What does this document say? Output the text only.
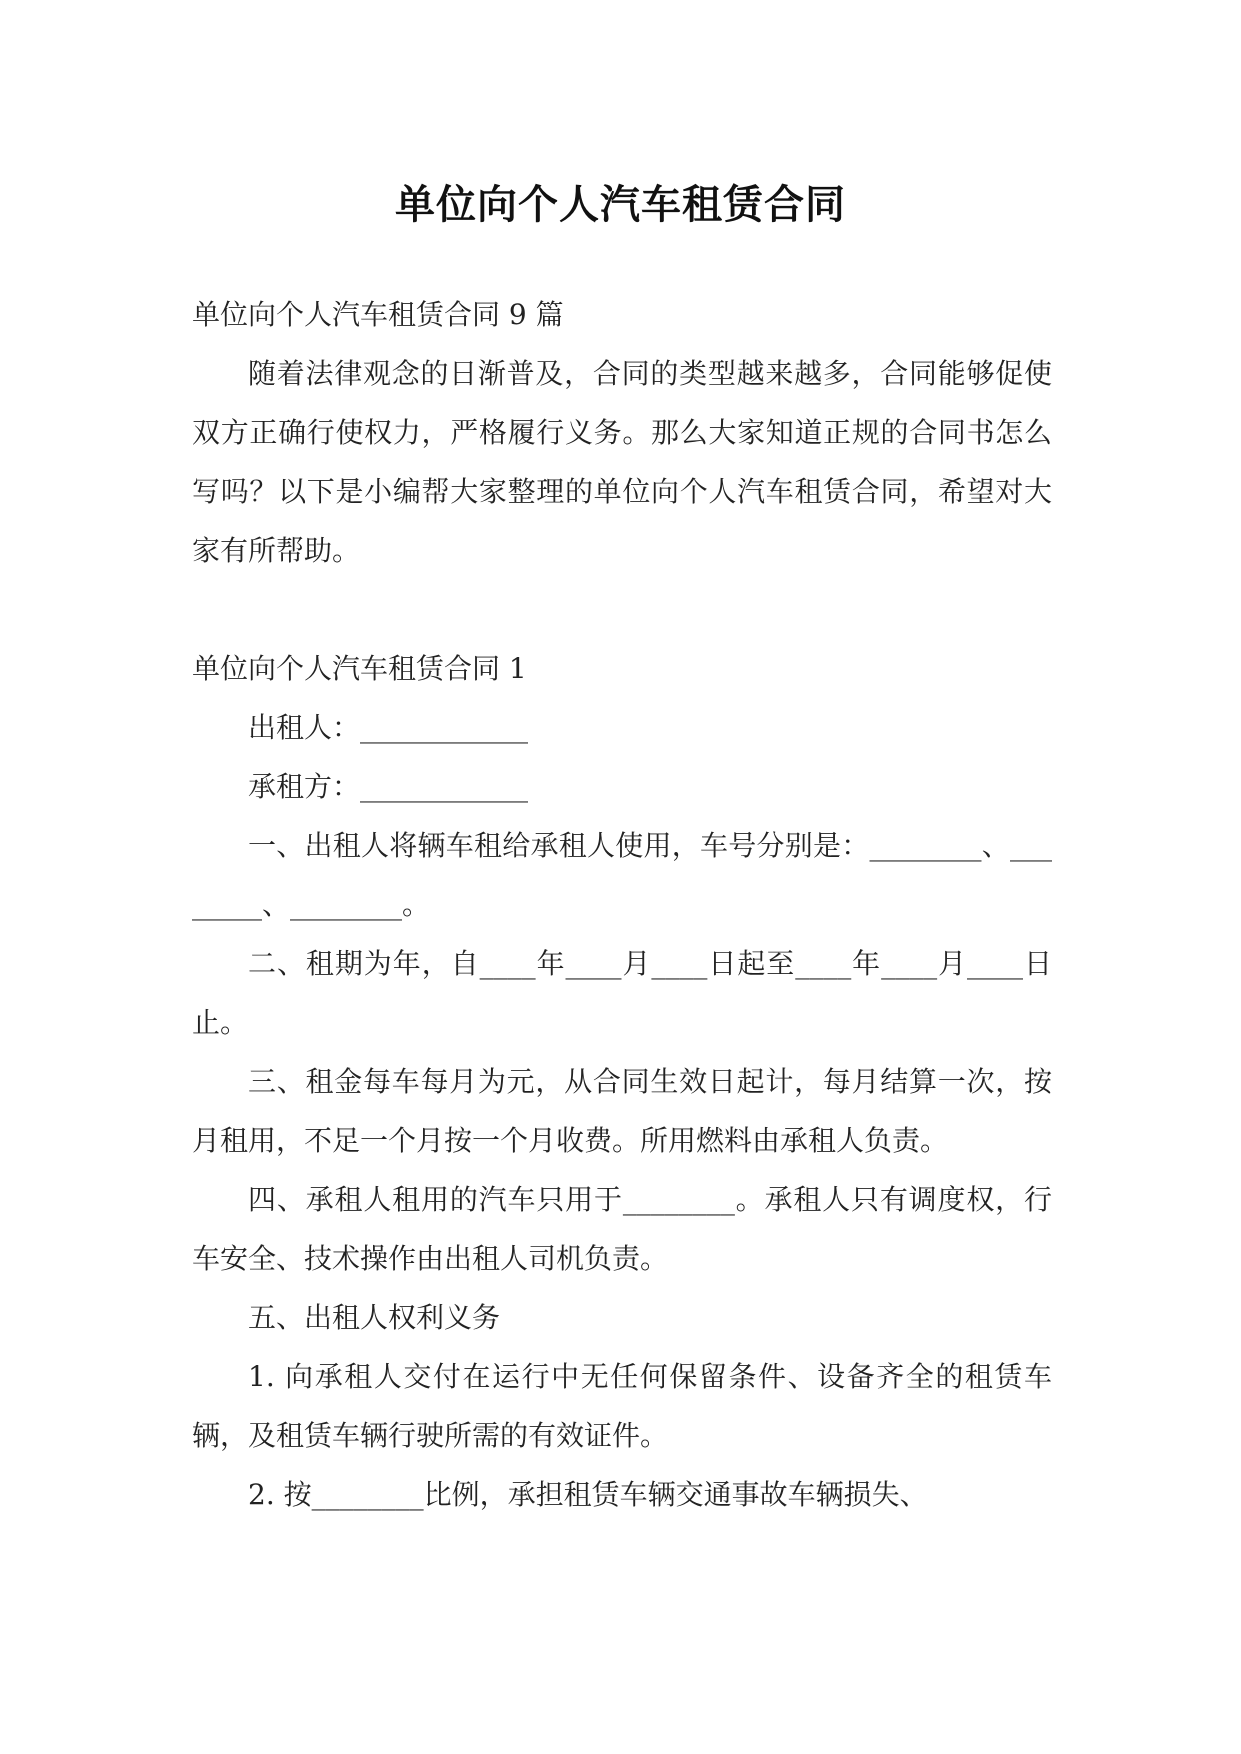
单位向个人汽车租赁合同

单位向个人汽车租赁合同 9 篇

随着法律观念的日渐普及，合同的类型越来越多，合同能够促使双方正确行使权力，严格履行义务。那么大家知道正规的合同书怎么写吗？以下是小编帮大家整理的单位向个人汽车租赁合同，希望对大家有所帮助。

单位向个人汽车租赁合同 1

出租人：____________

承租方：____________

一、出租人将辆车租给承租人使用，车号分别是：________、________、________。

二、租期为年，自____年____月____日起至____年____月____日止。

三、租金每车每月为元，从合同生效日起计，每月结算一次，按月租用，不足一个月按一个月收费。所用燃料由承租人负责。

四、承租人租用的汽车只用于________。承租人只有调度权，行车安全、技术操作由出租人司机负责。

五、出租人权利义务

1. 向承租人交付在运行中无任何保留条件、设备齐全的租赁车辆，及租赁车辆行驶所需的有效证件。

2. 按________比例，承担租赁车辆交通事故车辆损失、
